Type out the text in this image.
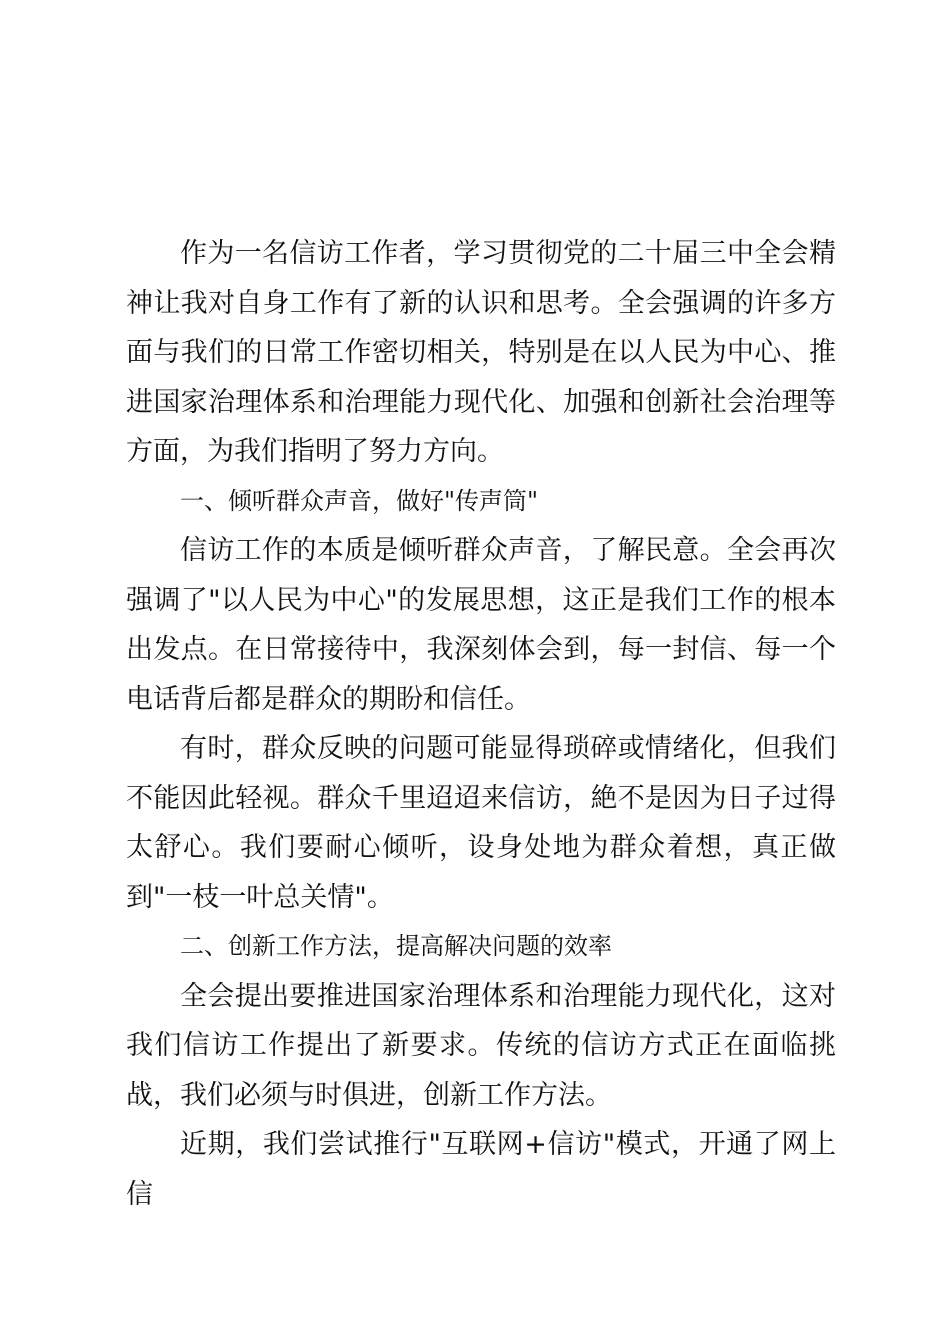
作为一名信访工作者，学习贯彻党的二十届三中全会精神让我对自身工作有了新的认识和思考。全会强调的许多方面与我们的日常工作密切相关，特别是在以人民为中心、推进国家治理体系和治理能力现代化、加强和创新社会治理等方面，为我们指明了努力方向。

一、倾听群众声音，做好"传声筒"

信访工作的本质是倾听群众声音，了解民意。全会再次强调了"以人民为中心"的发展思想，这正是我们工作的根本出发点。在日常接待中，我深刻体会到，每一封信、每一个电话背后都是群众的期盼和信任。

有时，群众反映的问题可能显得琐碎或情绪化，但我们不能因此轻视。群众千里迢迢来信访，絶不是因为日子过得太舒心。我们要耐心倾听，设身处地为群众着想，真正做到"一枝一叶总关情"。

二、创新工作方法，提高解决问题的效率

全会提出要推进国家治理体系和治理能力现代化，这对我们信访工作提出了新要求。传统的信访方式正在面临挑战，我们必须与时俱进，创新工作方法。

近期，我们尝试推行"互联网+信访"模式，开通了网上信
